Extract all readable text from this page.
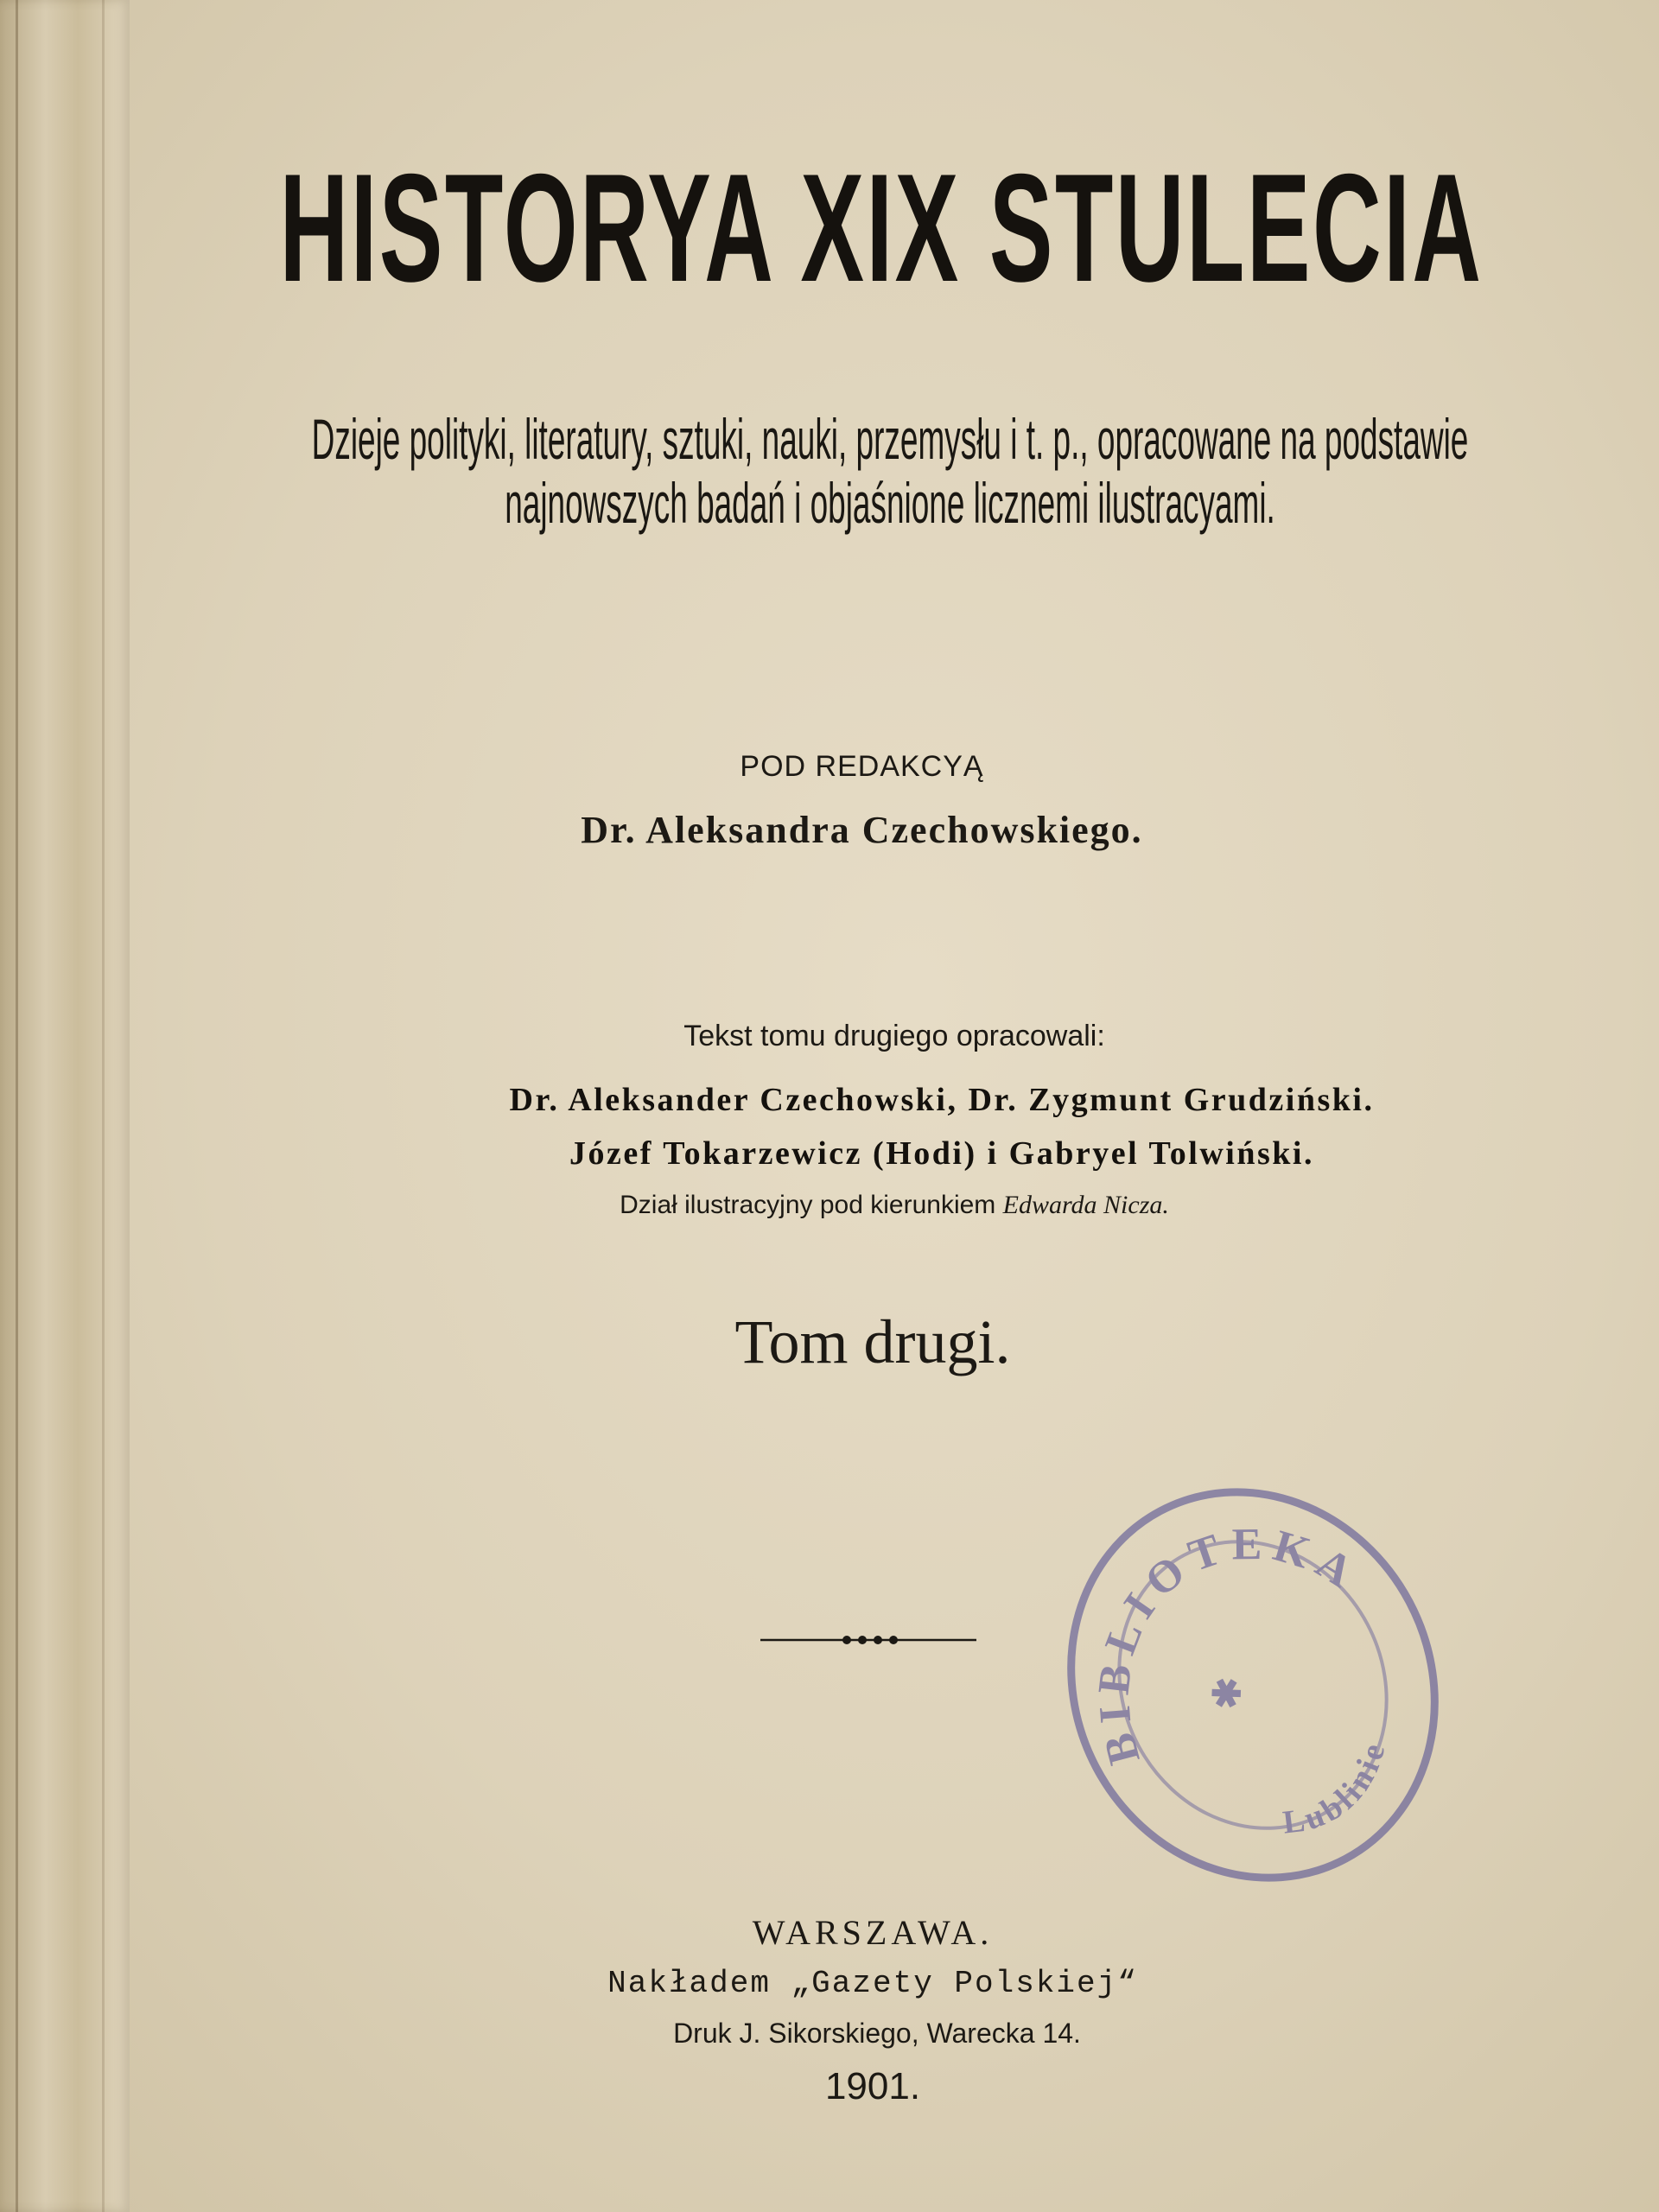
HISTORYA XIX STULECIA
Dzieje polityki, literatury, sztuki, nauki, przemysłu i t. p., opracowane na podstawie
najnowszych badań i objaśnione licznemi ilustracyami.
POD REDAKCYĄ
Dr. Aleksandra Czechowskiego.
Tekst tomu drugiego opracowali:
Dr. Aleksander Czechowski, Dr. Zygmunt Grudziński.
Józef Tokarzewicz (Hodi) i Gabryel Tolwiński.
Dział ilustracyjny pod kierunkiem Edwarda Nicza.
Tom drugi.
BIBLIOTEKA
Lublinie
✱
WARSZAWA.
Nakładem „Gazety Polskiej“
Druk J. Sikorskiego, Warecka 14.
1901.
